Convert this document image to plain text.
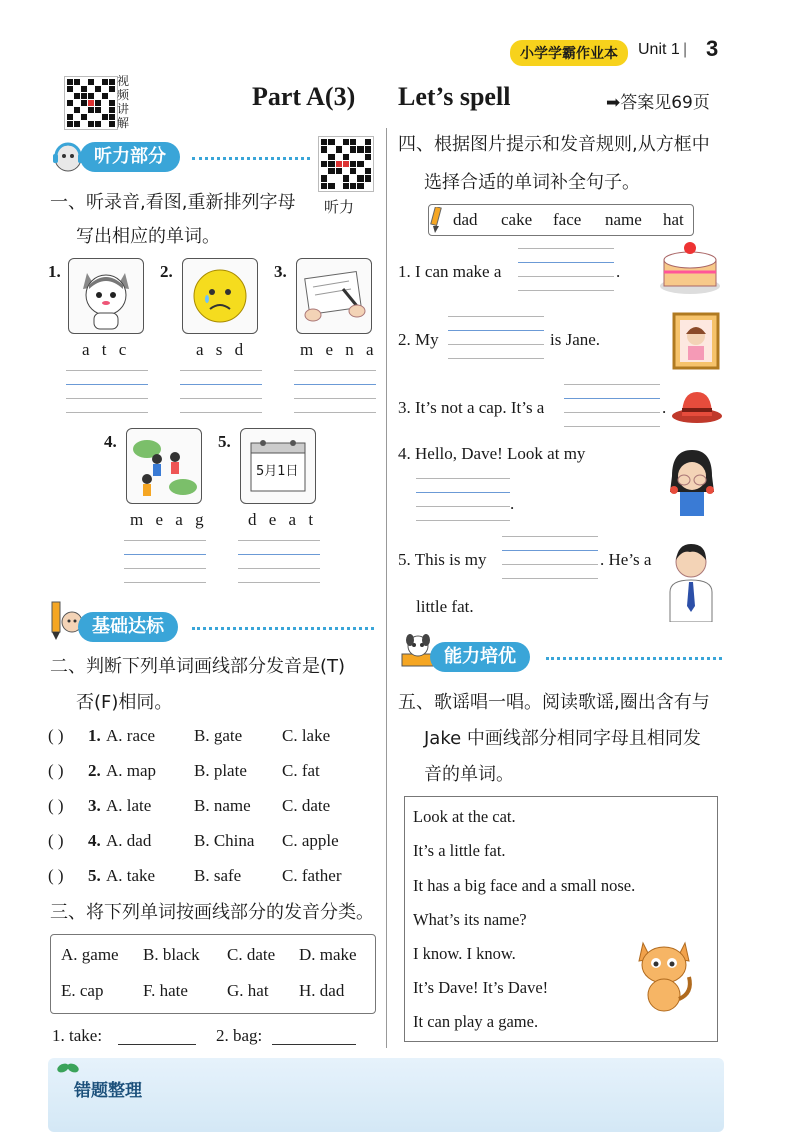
小学学霸作业本	Unit 1 | 3
视频讲解
Part A(3) Let’s spell	➡答案见69页
听力部分
听力
一、听录音,看图,重新排列字母
写出相应的单词。
1.
a t c
2.
a s d
3.
m e n a
4.
m e a g
5.
5月1日
d e a t
基础达标
二、判断下列单词画线部分发音是(T)
否(F)相同。
( ) 1. A. race B. gate C. lake
( ) 2. A. map B. plate C. fat
( ) 3. A. late	B. name C. date
( ) 4. A. dad	B. China C. apple
( ) 5. A. take B. safe C. father
三、将下列单词按画线部分的发音分类。
A. game B. black C. date D. make
E. cap F. hate G. hat H. dad
1. take:	2. bag:
四、根据图片提示和发音规则,从方框中
选择合适的单词补全句子。
dad cake face name hat
1. I can make a	.
2. My	is Jane.
3. It’s not a cap. It’s a	.
4. Hello, Dave! Look at my
.
5. This is my	. He’s a
little fat.
能力培优
五、歌谣唱一唱。阅读歌谣,圈出含有与
Jake 中画线部分相同字母且相同发
音的单词。
Look at the cat.
It’s a little fat.
It has a big face and a small nose.
What’s its name?
I know. I know.
It’s Dave! It’s Dave!
It can play a game.
错题整理
